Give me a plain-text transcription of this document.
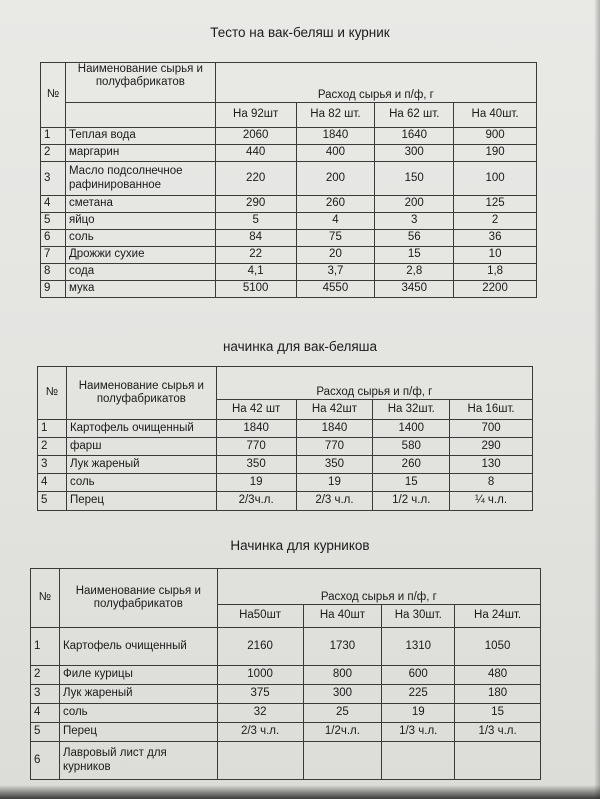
Тесто на вак-беляш и курник
№	Наименование сырья и полуфабрикатов	Расход сырья и п/ф, г			
		На 92шт	На 82 шт.	На 62 шт.	На 40шт.
1	Теплая вода	2060	1840	1640	900
2	маргарин	440	400	300	190
3	Масло подсолнечное рафинированное	220	200	150	100
4	сметана	290	260	200	125
5	яйцо	5	4	3	2
6	соль	84	75	56	36
7	Дрожжи сухие	22	20	15	10
8	сода	4,1	3,7	2,8	1,8
9	мука	5100	4550	3450	2200
начинка для вак-беляша
№	Наименование сырья и полуфабрикатов	Расход сырья и п/ф, г			
		На 42 шт	На 42шт	На 32шт.	На 16шт.
1	Картофель очищенный	1840	1840	1400	700
2	фарш	770	770	580	290
3	Лук жареный	350	350	260	130
4	соль	19	19	15	8
5	Перец	2/3ч.л.	2/3 ч.л.	1/2 ч.л.	¼ ч.л.
Начинка для курников
№	Наименование сырья и полуфабрикатов	Расход сырья и п/ф, г			
		На50шт	На 40шт	На 30шт.	На 24шт.
1	Картофель очищенный	2160	1730	1310	1050
2	Филе курицы	1000	800	600	480
3	Лук жареный	375	300	225	180
4	соль	32	25	19	15
5	Перец	2/3 ч.л.	1/2ч.л.	1/3 ч.л.	1/3 ч.л.
6	Лавровый лист для курников				
